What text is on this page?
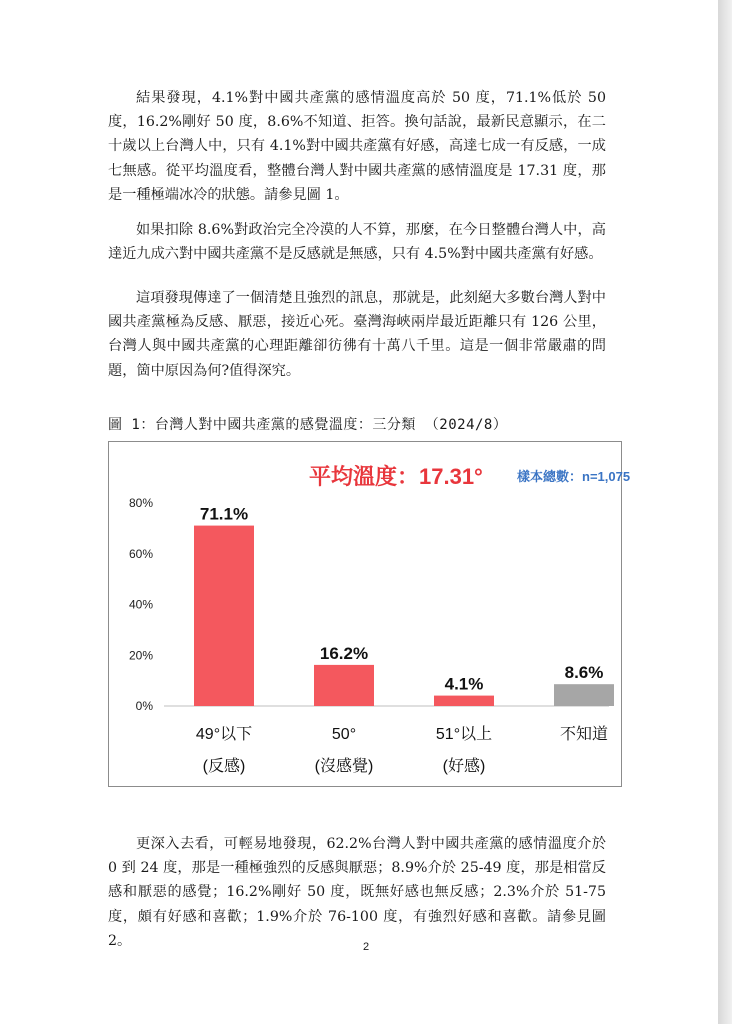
結果發現，4.1%對中國共產黨的感情溫度高於 50 度，71.1%低於 50 度，16.2%剛好 50 度，8.6%不知道、拒答。換句話說，最新民意顯示，在二十歲以上台灣人中，只有 4.1%對中國共產黨有好感，高達七成一有反感，一成七無感。從平均溫度看，整體台灣人對中國共產黨的感情溫度是 17.31 度，那是一種極端冰冷的狀態。請參見圖 1。

如果扣除 8.6%對政治完全冷漠的人不算，那麼，在今日整體台灣人中，高達近九成六對中國共產黨不是反感就是無感，只有 4.5%對中國共產黨有好感。

這項發現傳達了一個清楚且強烈的訊息，那就是，此刻絕大多數台灣人對中國共產黨極為反感、厭惡，接近心死。臺灣海峽兩岸最近距離只有 126 公里，台灣人與中國共產黨的心理距離卻彷彿有十萬八千里。這是一個非常嚴肅的問題，箇中原因為何?值得深究。

圖 1：台灣人對中國共產黨的感覺溫度：三分類 （2024/8）

平均溫度：17.31°	樣本總數：n=1,075
0%
20%
40%
60%
80%
71.1%
49°以下
(反感)
16.2%
50°
(沒感覺)
4.1%
51°以上
(好感)
8.6%
不知道

更深入去看，可輕易地發現，62.2%台灣人對中國共產黨的感情溫度介於 0 到 24 度，那是一種極強烈的反感與厭惡；8.9%介於 25-49 度，那是相當反感和厭惡的感覺；16.2%剛好 50 度，既無好感也無反感；2.3%介於 51-75 度，頗有好感和喜歡；1.9%介於 76-100 度，有強烈好感和喜歡。請參見圖 2。	2
